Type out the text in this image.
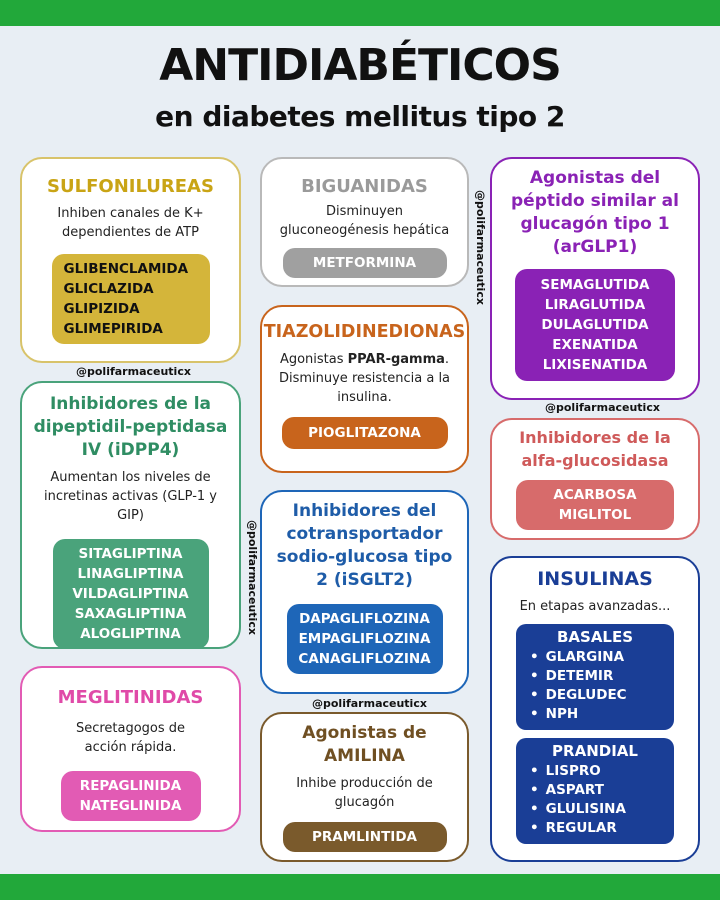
ANTIDIABÉTICOS
en diabetes mellitus tipo 2
SULFONILUREAS
Inhiben canales de K+ dependientes de ATP
GLIBENCLAMIDA
GLICLAZIDA
GLIPIZIDA
GLIMEPIRIDA
@polifarmaceuticx
BIGUANIDAS
Disminuyen gluconeogénesis hepática
METFORMINA	@polifarmaceuticx
Agonistas del péptido similar al glucagón tipo 1 (arGLP1)
SEMAGLUTIDA
LIRAGLUTIDA
DULAGLUTIDA
EXENATIDA
LIXISENATIDA
@polifarmaceuticx
TIAZOLIDINEDIONAS
Agonistas PPAR-gamma. Disminuye resistencia a la insulina.
PIOGLITAZONA
Inhibidores de la dipeptidil-peptidasa IV (iDPP4)
Aumentan los niveles de incretinas activas (GLP-1 y GIP)
SITAGLIPTINA
LINAGLIPTINA
VILDAGLIPTINA
SAXAGLIPTINA
ALOGLIPTINA	@polifarmaceuticx
Inhibidores de la alfa-glucosidasa
ACARBOSA
MIGLITOL
Inhibidores del cotransportador sodio-glucosa tipo 2 (iSGLT2)
DAPAGLIFLOZINA
EMPAGLIFLOZINA
CANAGLIFLOZINA
@polifarmaceuticx
MEGLITINIDAS
Secretagogos de acción rápida.
REPAGLINIDA
NATEGLINIDA
Agonistas de AMILINA
Inhibe producción de glucagón
PRAMLINTIDA
INSULINAS
En etapas avanzadas...
BASALES
• GLARGINA
• DETEMIR
• DEGLUDEC
• NPH
PRANDIAL
• LISPRO
• ASPART
• GLULISINA
• REGULAR
